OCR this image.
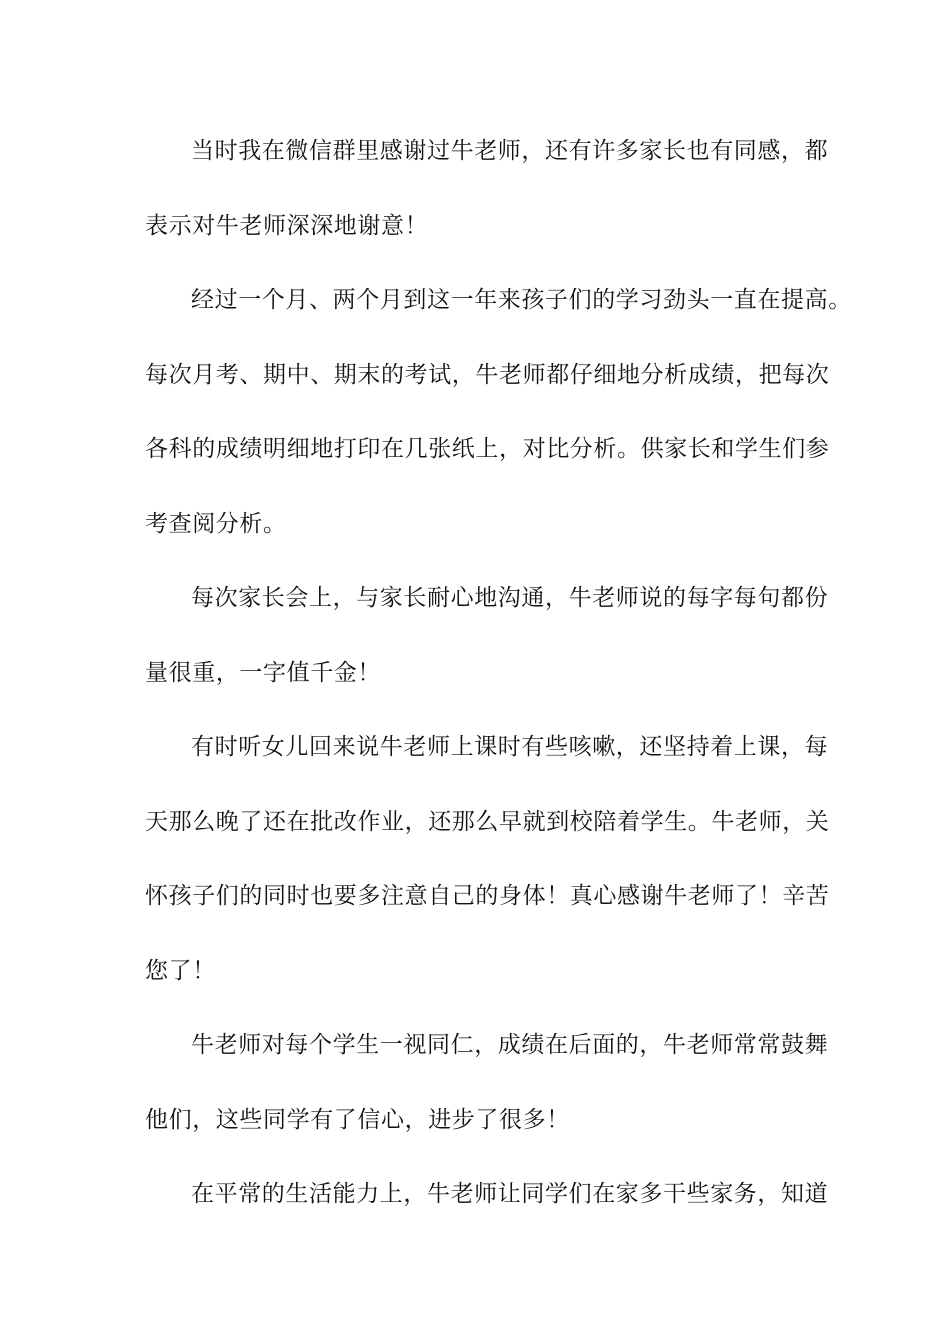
当时我在微信群里感谢过牛老师，还有许多家长也有同感，都
表示对牛老师深深地谢意！
经过一个月、两个月到这一年来孩子们的学习劲头一直在提高。
每次月考、期中、期末的考试，牛老师都仔细地分析成绩，把每次
各科的成绩明细地打印在几张纸上，对比分析。供家长和学生们参
考查阅分析。
每次家长会上，与家长耐心地沟通，牛老师说的每字每句都份
量很重，一字值千金！
有时听女儿回来说牛老师上课时有些咳嗽，还坚持着上课，每
天那么晚了还在批改作业，还那么早就到校陪着学生。牛老师，关
怀孩子们的同时也要多注意自己的身体！真心感谢牛老师了！辛苦
您了！
牛老师对每个学生一视同仁，成绩在后面的，牛老师常常鼓舞
他们，这些同学有了信心，进步了很多！
在平常的生活能力上，牛老师让同学们在家多干些家务，知道
